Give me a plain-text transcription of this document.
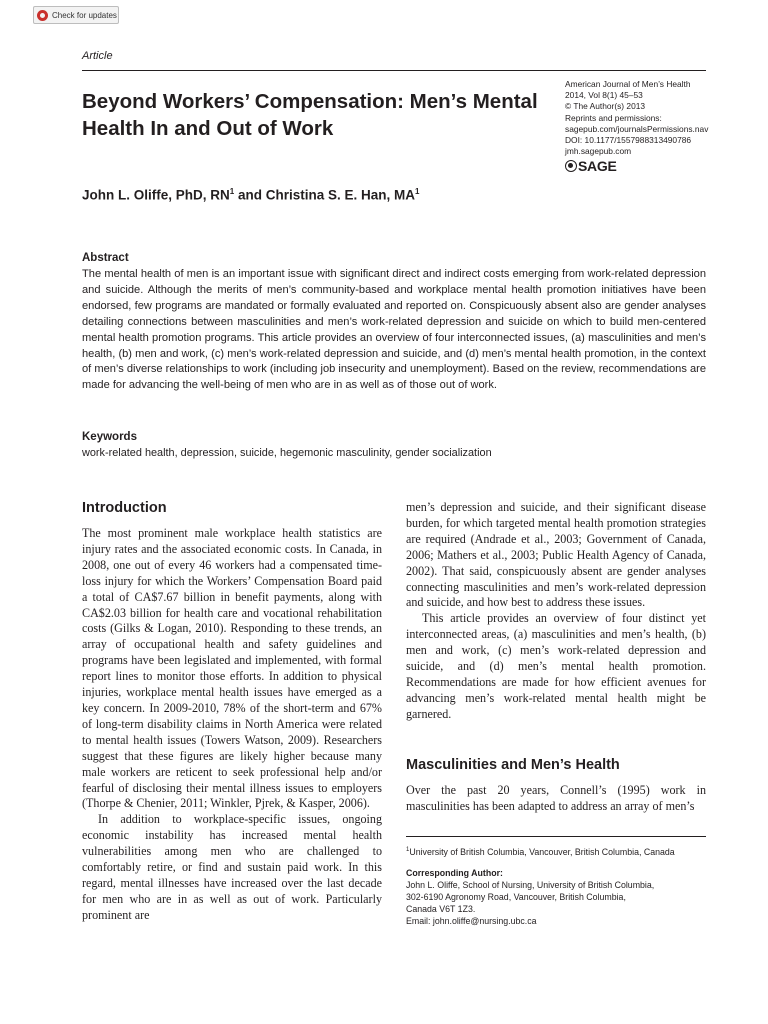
Check for updates
Article
Beyond Workers’ Compensation: Men’s Mental Health In and Out of Work
American Journal of Men’s Health
2014, Vol 8(1) 45–53
© The Author(s) 2013
Reprints and permissions:
sagepub.com/journalsPermissions.nav
DOI: 10.1177/1557988313490786
jmh.sagepub.com
SAGE
John L. Oliffe, PhD, $RN^1$ and Christina S. E. Han, $MA^1$
Abstract

The mental health of men is an important issue with significant direct and indirect costs emerging from work-related depression and suicide. Although the merits of men’s community-based and workplace mental health promotion initiatives have been endorsed, few programs are mandated or formally evaluated and reported on. Conspicuously absent also are gender analyses detailing connections between masculinities and men’s work-related depression and suicide on which to build men-centered mental health promotion programs. This article provides an overview of four interconnected issues, (a) masculinities and men’s health, (b) men and work, (c) men’s work-related depression and suicide, and (d) men’s mental health promotion, in the context of men’s diverse relationships to work (including job insecurity and unemployment). Based on the review, recommendations are made for advancing the well-being of men who are in as well as of those out of work.

Keywords
work-related health, depression, suicide, hegemonic masculinity, gender socialization
Introduction

The most prominent male workplace health statistics are injury rates and the associated economic costs. In Canada, in 2008, one out of every 46 workers had a compensated time-loss injury for which the Workers’ Compensation Board paid a total of CA$7.67 billion in benefit payments, along with CA$2.03 billion for health care and vocational rehabilitation costs (Gilks & Logan, 2010). Responding to these trends, an array of occupational health and safety guidelines and programs have been legislated and implemented, with formal report lines to monitor those efforts. In addition to physical injuries, workplace mental health issues have emerged as a key concern. In 2009-2010, 78% of the short-term and 67% of long-term disability claims in North America were related to mental health issues (Towers Watson, 2009). Researchers suggest that these figures are likely higher because many male workers are reticent to seek professional help and/or fearful of disclosing their mental illness issues to employers (Thorpe & Chenier, 2011; Winkler, Pjrek, & Kasper, 2006).

In addition to workplace-specific issues, ongoing economic instability has increased mental health vulnerabilities among men who are challenged to comfortably retire, or find and sustain paid work. In this regard, mental illnesses have increased over the last decade for men who are in as well as out of work. Particularly prominent are

men’s depression and suicide, and their significant disease burden, for which targeted mental health promotion strategies are required (Andrade et al., 2003; Government of Canada, 2006; Mathers et al., 2003; Public Health Agency of Canada, 2002). That said, conspicuously absent are gender analyses connecting masculinities and men’s work-related depression and suicide, and how best to address these issues.

This article provides an overview of four distinct yet interconnected areas, (a) masculinities and men’s health, (b) men and work, (c) men’s work-related depression and suicide, and (d) men’s mental health promotion. Recommendations are made for how efficient avenues for advancing men’s work-related mental health might be garnered.

Masculinities and Men’s Health

Over the past 20 years, Connell’s (1995) work in masculinities has been adapted to address an array of men’s

$^1$University of British Columbia, Vancouver, British Columbia, Canada
Corresponding Author:
John L. Oliffe, School of Nursing, University of British Columbia,
302-6190 Agronomy Road, Vancouver, British Columbia,
Canada V6T 1Z3.
Email: john.oliffe@nursing.ubc.ca
